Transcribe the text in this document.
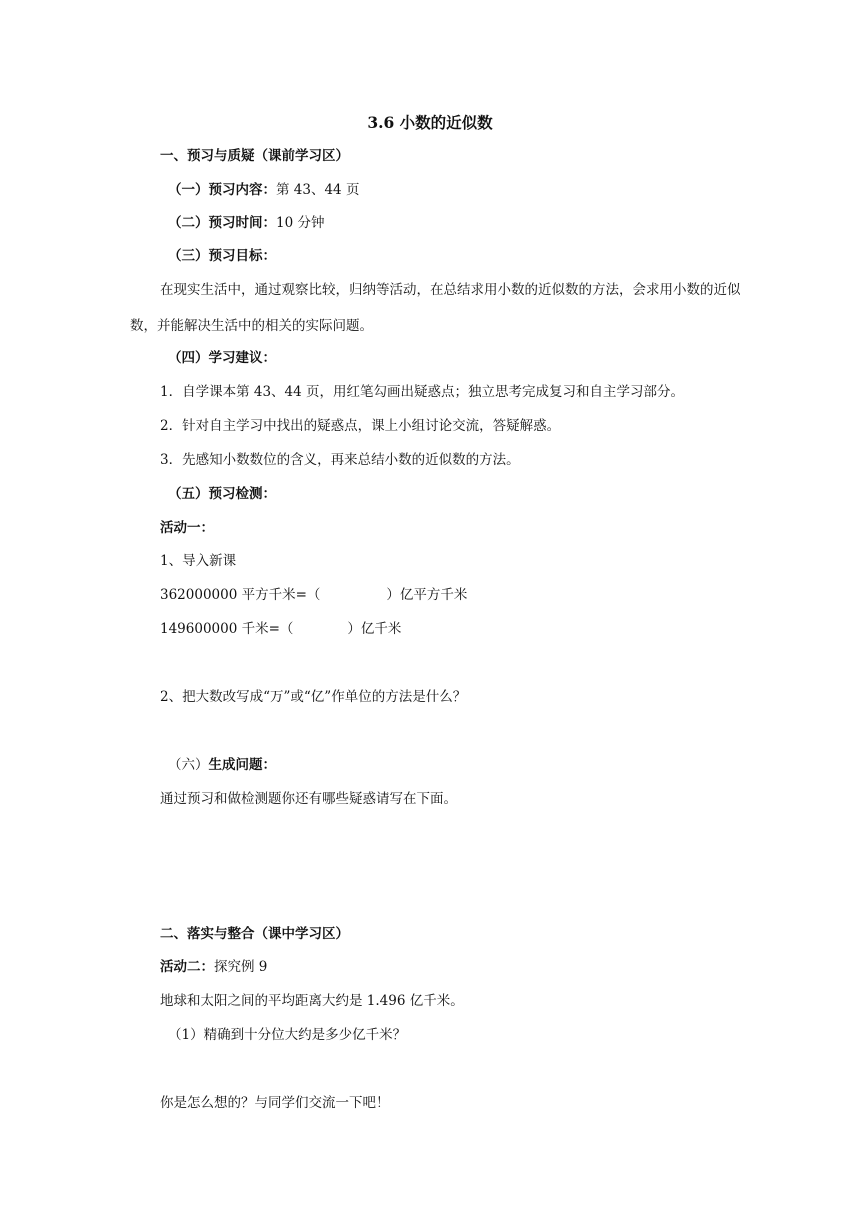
3.6 小数的近似数
一、预习与质疑（课前学习区）
（一）预习内容：第 43、44 页
（二）预习时间：10 分钟
（三）预习目标：
在现实生活中，通过观察比较，归纳等活动，在总结求用小数的近似数的方法，会求用小数的近似数，并能解决生活中的相关的实际问题。
（四）学习建议：
1．自学课本第 43、44 页，用红笔勾画出疑惑点；独立思考完成复习和自主学习部分。
2．针对自主学习中找出的疑惑点，课上小组讨论交流，答疑解惑。
3．先感知小数数位的含义，再来总结小数的近似数的方法。
（五）预习检测：
活动一：
1、导入新课
362000000 平方千米=（	）亿平方千米
149600000 千米=（	）亿千米
2、把大数改写成“万”或“亿”作单位的方法是什么？
（六）生成问题：
通过预习和做检测题你还有哪些疑惑请写在下面。
二、落实与整合（课中学习区）
活动二：探究例 9
地球和太阳之间的平均距离大约是 1.496 亿千米。
（1）精确到十分位大约是多少亿千米？
你是怎么想的？与同学们交流一下吧！
